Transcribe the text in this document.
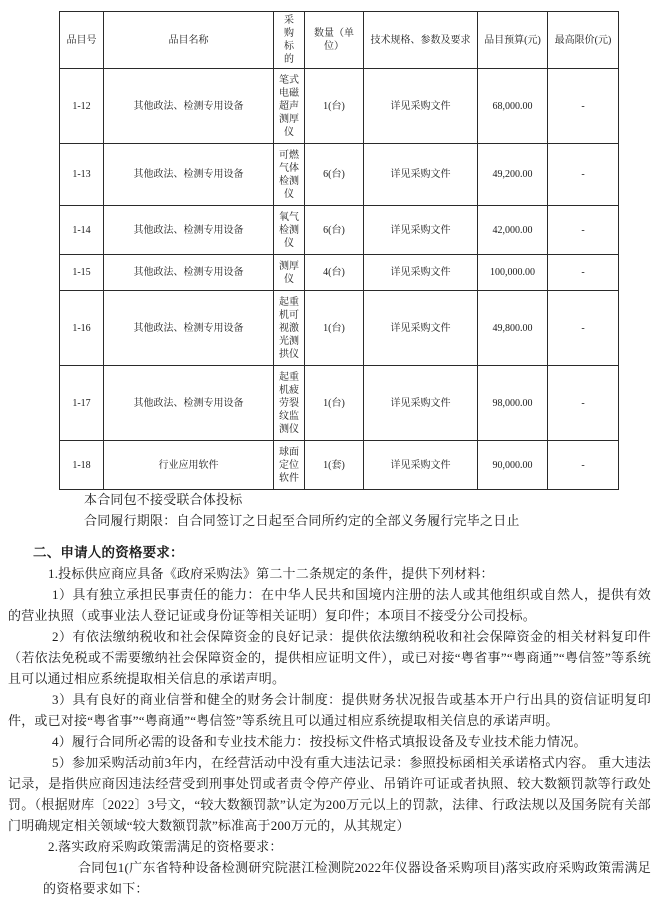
品目号	品目名称	采购标的	数量（单位）	技术规格、参数及要求	品目预算(元)	最高限价(元)
1-12	其他政法、检测专用设备	笔式电磁超声测厚仪	1(台)	详见采购文件	68,000.00	-
1-13	其他政法、检测专用设备	可燃气体检测仪	6(台)	详见采购文件	49,200.00	-
1-14	其他政法、检测专用设备	氧气检测仪	6(台)	详见采购文件	42,000.00	-
1-15	其他政法、检测专用设备	测厚仪	4(台)	详见采购文件	100,000.00	-
1-16	其他政法、检测专用设备	起重机可视激光测拱仪	1(台)	详见采购文件	49,800.00	-
1-17	其他政法、检测专用设备	起重机疲劳裂纹监测仪	1(台)	详见采购文件	98,000.00	-
1-18	行业应用软件	球面定位软件	1(套)	详见采购文件	90,000.00	-

本合同包不接受联合体投标

合同履行期限：自合同签订之日起至合同所约定的全部义务履行完毕之日止

二、申请人的资格要求：

1.投标供应商应具备《政府采购法》第二十二条规定的条件，提供下列材料：

1）具有独立承担民事责任的能力：在中华人民共和国境内注册的法人或其他组织或自然人，提供有效的营业执照（或事业法人登记证或身份证等相关证明）复印件；本项目不接受分公司投标。

2）有依法缴纳税收和社会保障资金的良好记录：提供依法缴纳税收和社会保障资金的相关材料复印件（若依法免税或不需要缴纳社会保障资金的，提供相应证明文件），或已对接“粤省事”“粤商通”“粤信签”等系统且可以通过相应系统提取相关信息的承诺声明。

3）具有良好的商业信誉和健全的财务会计制度：提供财务状况报告或基本开户行出具的资信证明复印件，或已对接“粤省事”“粤商通”“粤信签”等系统且可以通过相应系统提取相关信息的承诺声明。

4）履行合同所必需的设备和专业技术能力：按投标文件格式填报设备及专业技术能力情况。

5）参加采购活动前3年内，在经营活动中没有重大违法记录：参照投标函相关承诺格式内容。 重大违法记录，是指供应商因违法经营受到刑事处罚或者责令停产停业、吊销许可证或者执照、较大数额罚款等行政处罚。（根据财库〔2022〕3号文，“较大数额罚款”认定为200万元以上的罚款，法律、行政法规以及国务院有关部门明确规定相关领域“较大数额罚款”标准高于200万元的，从其规定）

2.落实政府采购政策需满足的资格要求：

合同包1(广东省特种设备检测研究院湛江检测院2022年仪器设备采购项目)落实政府采购政策需满足的资格要求如下：
